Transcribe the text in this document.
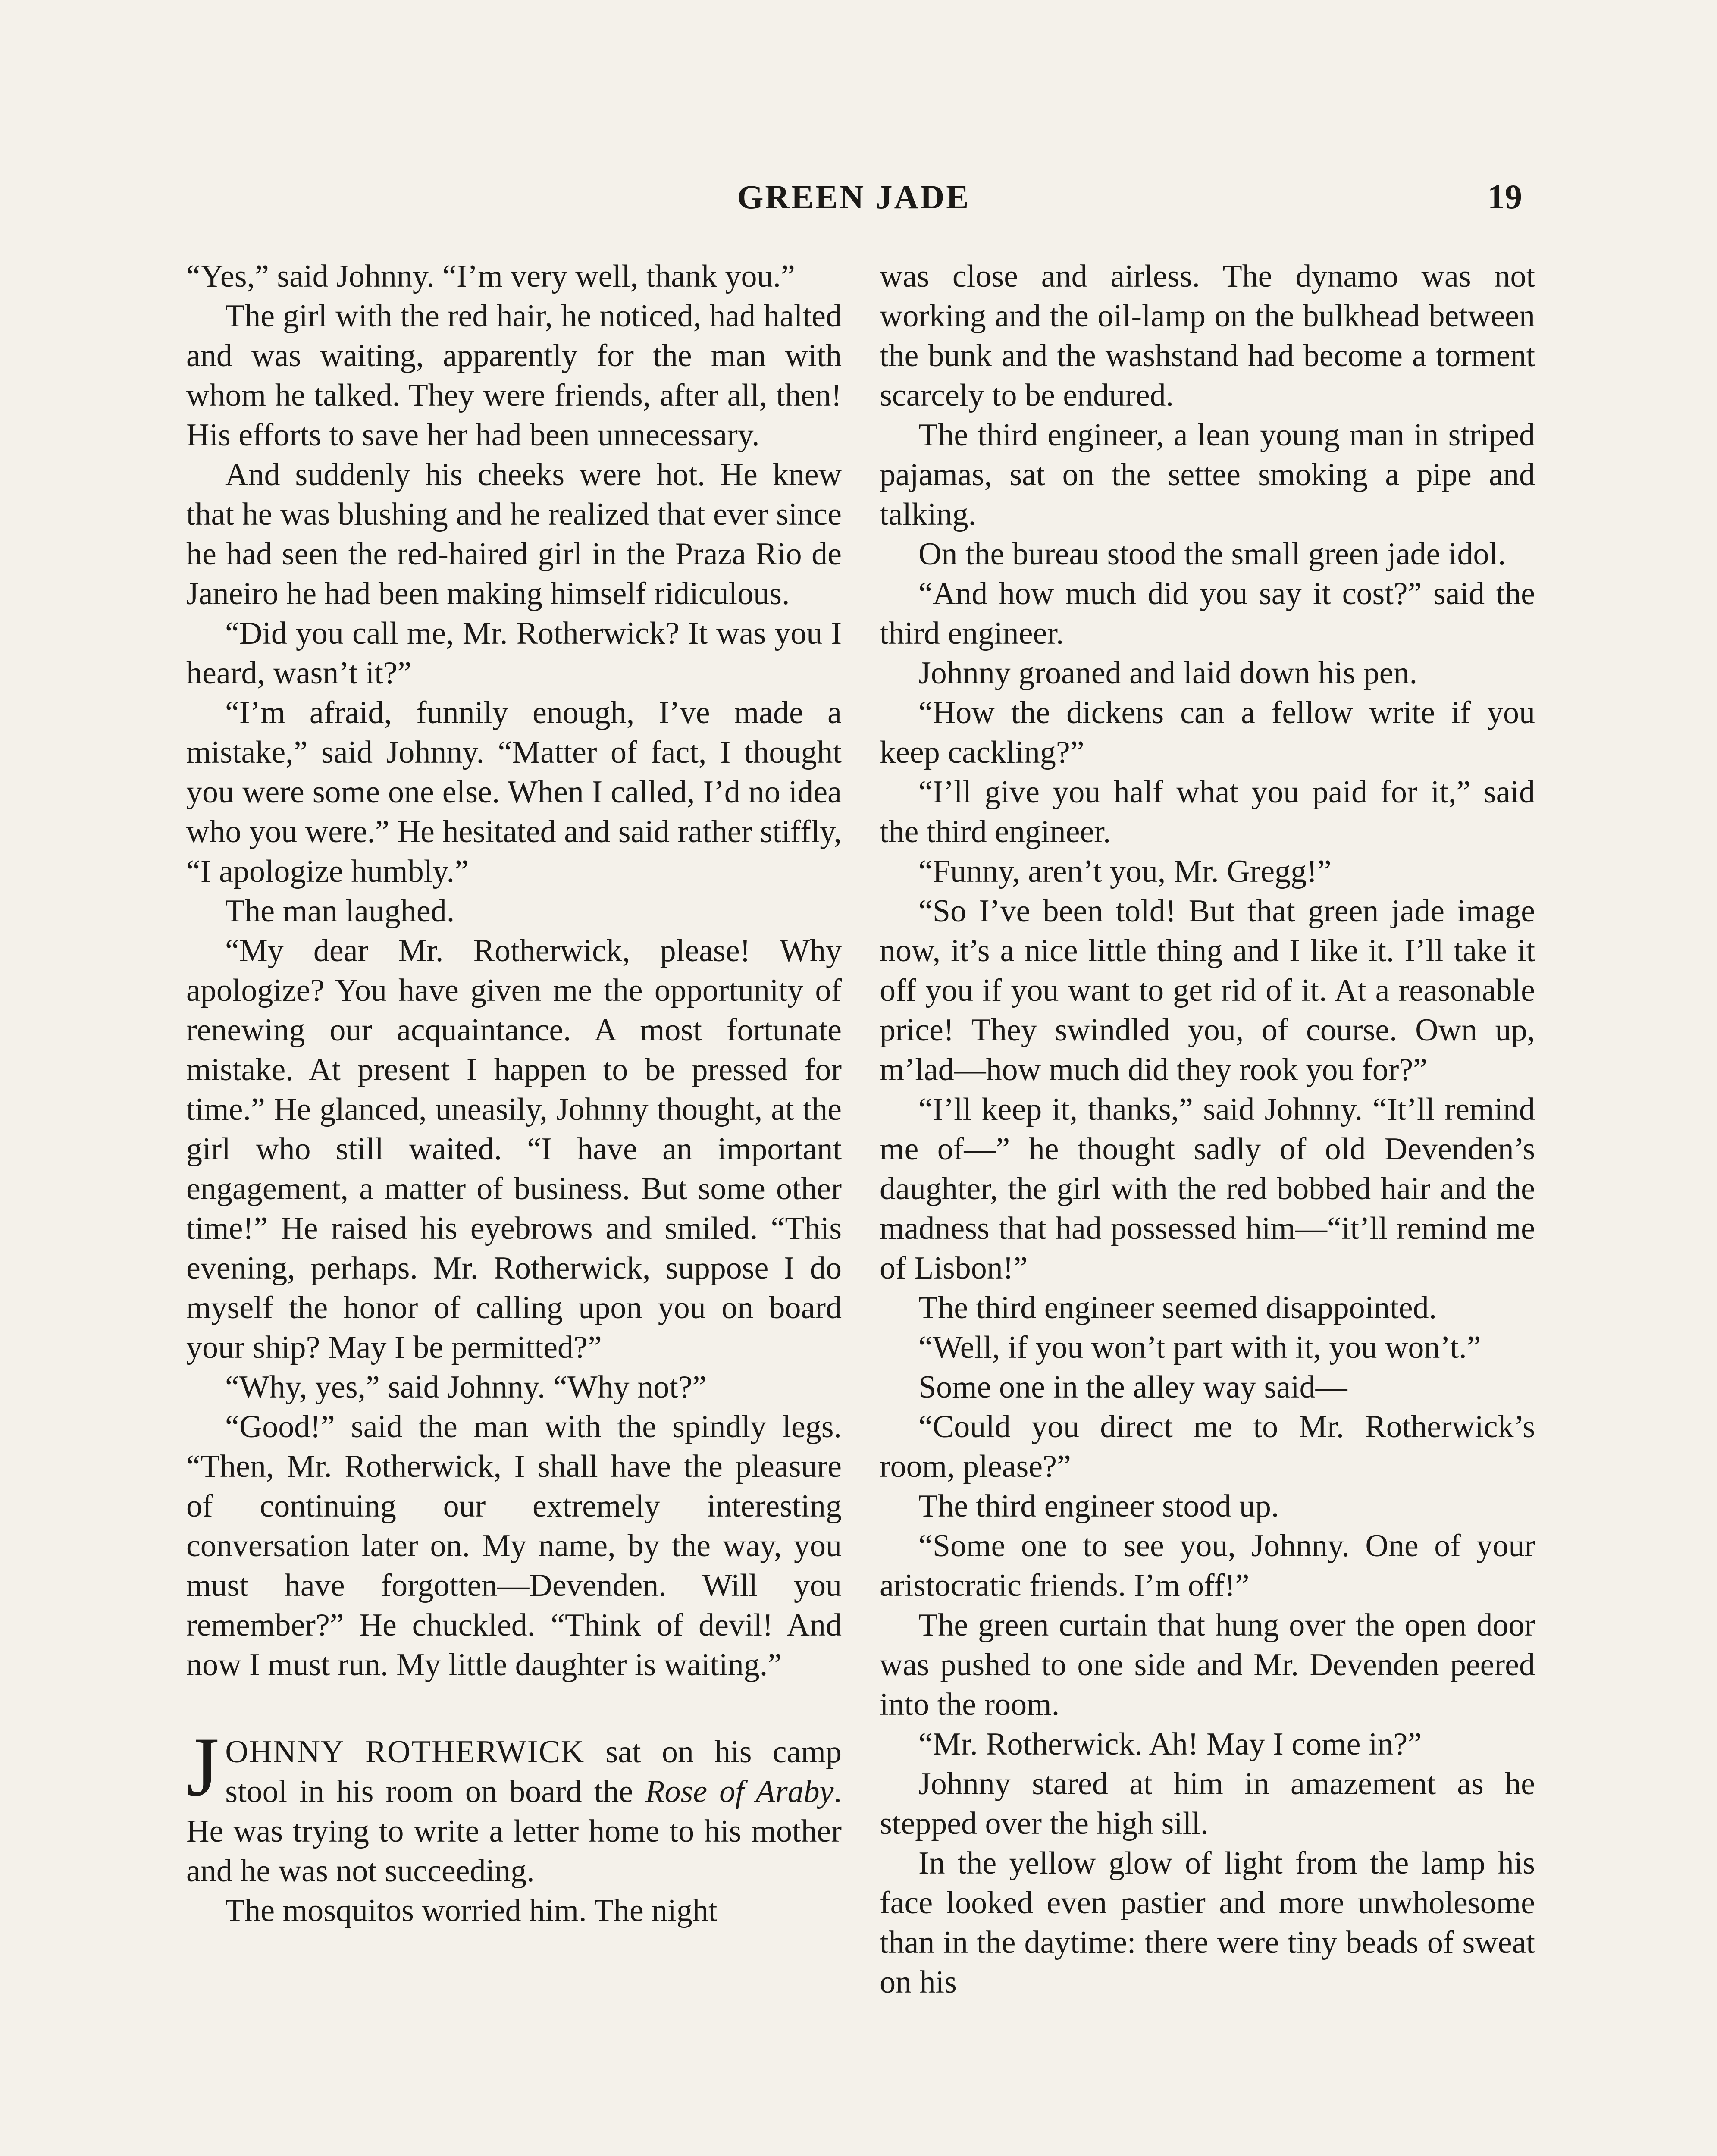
GREEN JADE	19

“Yes,” said Johnny. “I’m very well, thank you.”

The girl with the red hair, he noticed, had halted and was waiting, apparently for the man with whom he talked. They were friends, after all, then! His efforts to save her had been unnecessary.

And suddenly his cheeks were hot. He knew that he was blushing and he realized that ever since he had seen the red-haired girl in the Praza Rio de Janeiro he had been making himself ridiculous.

“Did you call me, Mr. Rotherwick? It was you I heard, wasn’t it?”

“I’m afraid, funnily enough, I’ve made a mistake,” said Johnny. “Matter of fact, I thought you were some one else. When I called, I’d no idea who you were.” He hesitated and said rather stiffly, “I apologize humbly.”

The man laughed.

“My dear Mr. Rotherwick, please! Why apologize? You have given me the opportunity of renewing our acquaintance. A most fortunate mistake. At present I happen to be pressed for time.” He glanced, uneasily, Johnny thought, at the girl who still waited. “I have an important engagement, a matter of business. But some other time!” He raised his eyebrows and smiled. “This evening, perhaps. Mr. Rotherwick, suppose I do myself the honor of calling upon you on board your ship? May I be permitted?”

“Why, yes,” said Johnny. “Why not?”

“Good!” said the man with the spindly legs. “Then, Mr. Rotherwick, I shall have the pleasure of continuing our extremely interesting conversation later on. My name, by the way, you must have forgotten—Devenden. Will you remember?” He chuckled. “Think of devil! And now I must run. My little daughter is waiting.”

JOHNNY ROTHERWICK sat on his camp stool in his room on board the Rose of Araby. He was trying to write a letter home to his mother and he was not succeeding.

The mosquitos worried him. The night

was close and airless. The dynamo was not working and the oil-lamp on the bulkhead between the bunk and the washstand had become a torment scarcely to be endured.

The third engineer, a lean young man in striped pajamas, sat on the settee smoking a pipe and talking.

On the bureau stood the small green jade idol.

“And how much did you say it cost?” said the third engineer.

Johnny groaned and laid down his pen.

“How the dickens can a fellow write if you keep cackling?”

“I’ll give you half what you paid for it,” said the third engineer.

“Funny, aren’t you, Mr. Gregg!”

“So I’ve been told! But that green jade image now, it’s a nice little thing and I like it. I’ll take it off you if you want to get rid of it. At a reasonable price! They swindled you, of course. Own up, m’lad—how much did they rook you for?”

“I’ll keep it, thanks,” said Johnny. “It’ll remind me of—” he thought sadly of old Devenden’s daughter, the girl with the red bobbed hair and the madness that had possessed him—“it’ll remind me of Lisbon!”

The third engineer seemed disappointed.

“Well, if you won’t part with it, you won’t.”

Some one in the alley way said—

“Could you direct me to Mr. Rotherwick’s room, please?”

The third engineer stood up.

“Some one to see you, Johnny. One of your aristocratic friends. I’m off!”

The green curtain that hung over the open door was pushed to one side and Mr. Devenden peered into the room.

“Mr. Rotherwick. Ah! May I come in?”

Johnny stared at him in amazement as he stepped over the high sill.

In the yellow glow of light from the lamp his face looked even pastier and more unwholesome than in the daytime: there were tiny beads of sweat on his
